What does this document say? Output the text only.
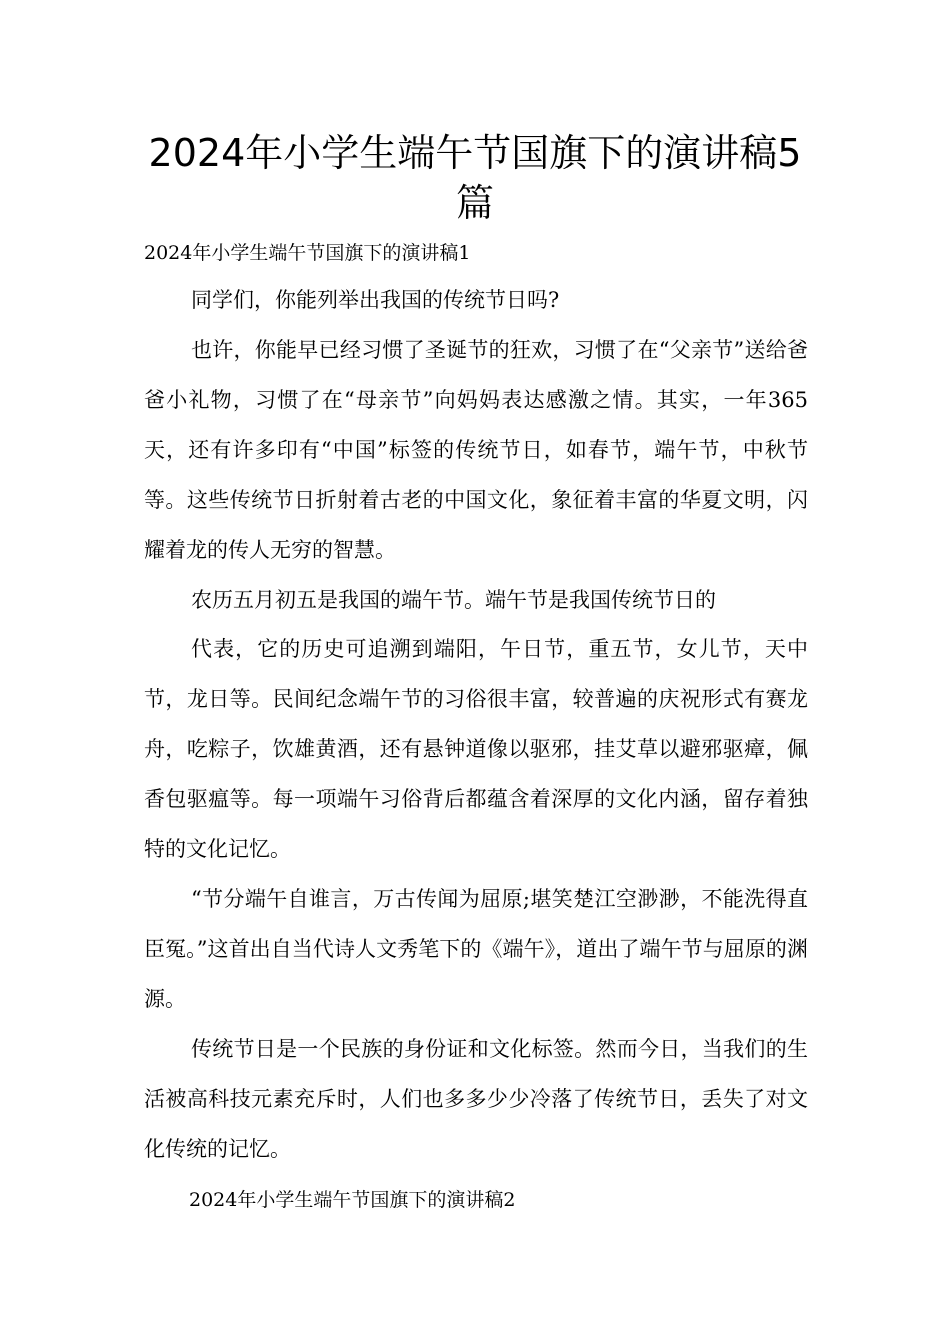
2024年小学生端午节国旗下的演讲稿5篇

2024年小学生端午节国旗下的演讲稿1

同学们，你能列举出我国的传统节日吗?

也许，你能早已经习惯了圣诞节的狂欢，习惯了在“父亲节”送给爸爸小礼物，习惯了在“母亲节”向妈妈表达感激之情。其实，一年365天，还有许多印有“中国”标签的传统节日，如春节，端午节，中秋节等。这些传统节日折射着古老的中国文化，象征着丰富的华夏文明，闪耀着龙的传人无穷的智慧。

农历五月初五是我国的端午节。端午节是我国传统节日的

代表，它的历史可追溯到端阳，午日节，重五节，女儿节，天中节，龙日等。民间纪念端午节的习俗很丰富，较普遍的庆祝形式有赛龙舟，吃粽子，饮雄黄酒，还有悬钟道像以驱邪，挂艾草以避邪驱瘴，佩香包驱瘟等。每一项端午习俗背后都蕴含着深厚的文化内涵，留存着独特的文化记忆。

“节分端午自谁言，万古传闻为屈原;堪笑楚江空渺渺，不能洗得直臣冤。”这首出自当代诗人文秀笔下的《端午》，道出了端午节与屈原的渊源。

传统节日是一个民族的身份证和文化标签。然而今日，当我们的生活被高科技元素充斥时，人们也多多少少冷落了传统节日，丢失了对文化传统的记忆。

2024年小学生端午节国旗下的演讲稿2
